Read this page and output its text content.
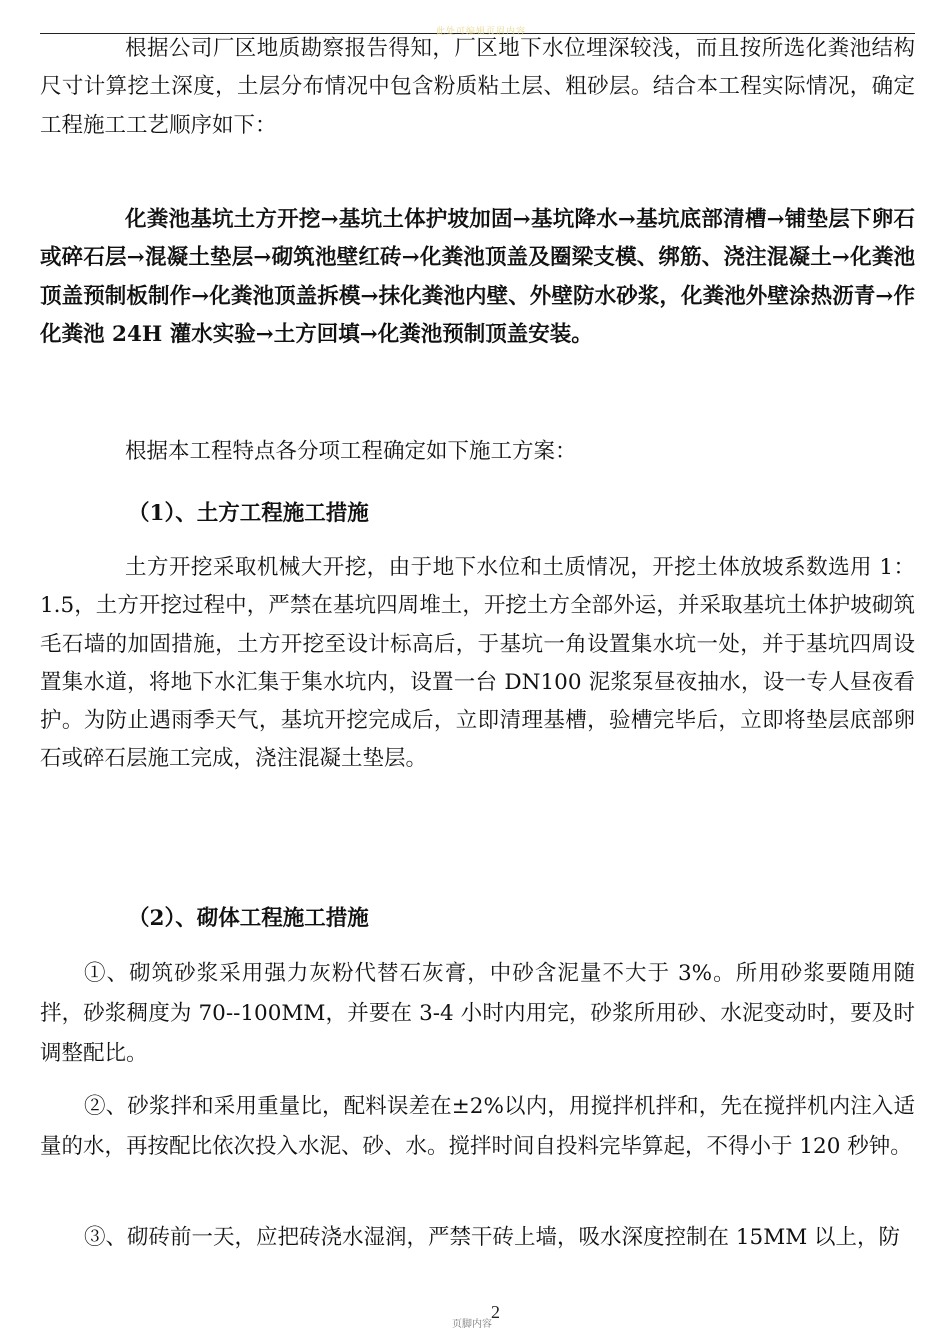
此处可编辑页眉内容

根据公司厂区地质勘察报告得知，厂区地下水位埋深较浅，而且按所选化粪池结构尺寸计算挖土深度，土层分布情况中包含粉质粘土层、粗砂层。结合本工程实际情况，确定工程施工工艺顺序如下：

化粪池基坑土方开挖→基坑土体护坡加固→基坑降水→基坑底部清槽→铺垫层下卵石或碎石层→混凝土垫层→砌筑池壁红砖→化粪池顶盖及圈梁支模、绑筋、浇注混凝土→化粪池顶盖预制板制作→化粪池顶盖拆模→抹化粪池内壁、外壁防水砂浆，化粪池外壁涂热沥青→作化粪池 24H 灌水实验→土方回填→化粪池预制顶盖安装。

根据本工程特点各分项工程确定如下施工方案：

（1）、土方工程施工措施

土方开挖采取机械大开挖，由于地下水位和土质情况，开挖土体放坡系数选用 1：1.5，土方开挖过程中，严禁在基坑四周堆土，开挖土方全部外运，并采取基坑土体护坡砌筑毛石墙的加固措施，土方开挖至设计标高后，于基坑一角设置集水坑一处，并于基坑四周设置集水道，将地下水汇集于集水坑内，设置一台 DN100 泥浆泵昼夜抽水，设一专人昼夜看护。为防止遇雨季天气，基坑开挖完成后，立即清理基槽，验槽完毕后，立即将垫层底部卵石或碎石层施工完成，浇注混凝土垫层。

（2）、砌体工程施工措施

①、砌筑砂浆采用强力灰粉代替石灰膏，中砂含泥量不大于 3%。所用砂浆要随用随拌，砂浆稠度为 70--100MM，并要在 3-4 小时内用完，砂浆所用砂、水泥变动时，要及时调整配比。

②、砂浆拌和采用重量比，配料误差在±2%以内，用搅拌机拌和，先在搅拌机内注入适量的水，再按配比依次投入水泥、砂、水。搅拌时间自投料完毕算起，不得小于 120 秒钟。

③、砌砖前一天，应把砖浇水湿润，严禁干砖上墙，吸水深度控制在 15MM 以上，防

页脚内容
2
